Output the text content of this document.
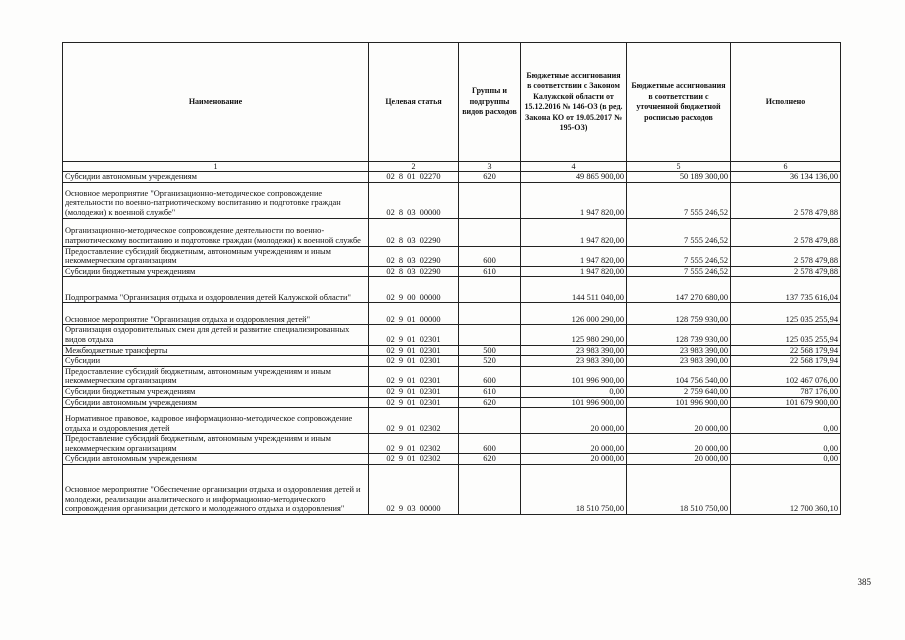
Наименование	Целевая статья	Группы и подгруппы видов расходов	Бюджетные ассигнования в соответствии с Законом Калужской области от 15.12.2016 № 146-ОЗ (в ред. Закона КО от 19.05.2017 № 195-ОЗ)	Бюджетные ассигнования в соответствии с уточненной бюджетной росписью расходов	Исполнено
1	2	3	4	5	6
Субсидии автономным учреждениям	02 8 01 02270	620	49 865 900,00	50 189 300,00	36 134 136,00
Основное мероприятие "Организационно-методическое сопровождение деятельности по военно-патриотическому воспитанию и подготовке граждан (молодежи) к военной службе"	02 8 03 00000		1 947 820,00	7 555 246,52	2 578 479,88
Организационно-методическое сопровождение деятельности по военно-патриотическому воспитанию и подготовке граждан (молодежи) к военной службе	02 8 03 02290		1 947 820,00	7 555 246,52	2 578 479,88
Предоставление субсидий бюджетным, автономным учреждениям и иным некоммерческим организациям	02 8 03 02290	600	1 947 820,00	7 555 246,52	2 578 479,88
Субсидии бюджетным учреждениям	02 8 03 02290	610	1 947 820,00	7 555 246,52	2 578 479,88
Подпрограмма "Организация отдыха и оздоровления детей Калужской области"	02 9 00 00000		144 511 040,00	147 270 680,00	137 735 616,04
Основное мероприятие "Организация отдыха и оздоровления детей"	02 9 01 00000		126 000 290,00	128 759 930,00	125 035 255,94
Организация оздоровительных смен для детей и развитие специализированных видов отдыха	02 9 01 02301		125 980 290,00	128 739 930,00	125 035 255,94
Межбюджетные трансферты	02 9 01 02301	500	23 983 390,00	23 983 390,00	22 568 179,94
Субсидии	02 9 01 02301	520	23 983 390,00	23 983 390,00	22 568 179,94
Предоставление субсидий бюджетным, автономным учреждениям и иным некоммерческим организациям	02 9 01 02301	600	101 996 900,00	104 756 540,00	102 467 076,00
Субсидии бюджетным учреждениям	02 9 01 02301	610	0,00	2 759 640,00	787 176,00
Субсидии автономным учреждениям	02 9 01 02301	620	101 996 900,00	101 996 900,00	101 679 900,00
Нормативное правовое, кадровое информационно-методическое сопровождение отдыха и оздоровления детей	02 9 01 02302		20 000,00	20 000,00	0,00
Предоставление субсидий бюджетным, автономным учреждениям и иным некоммерческим организациям	02 9 01 02302	600	20 000,00	20 000,00	0,00
Субсидии автономным учреждениям	02 9 01 02302	620	20 000,00	20 000,00	0,00
Основное мероприятие "Обеспечение организации отдыха и оздоровления детей и молодежи, реализации аналитического и информационно-методического сопровождения организации детского и молодежного отдыха и оздоровления"	02 9 03 00000		18 510 750,00	18 510 750,00	12 700 360,10
385
